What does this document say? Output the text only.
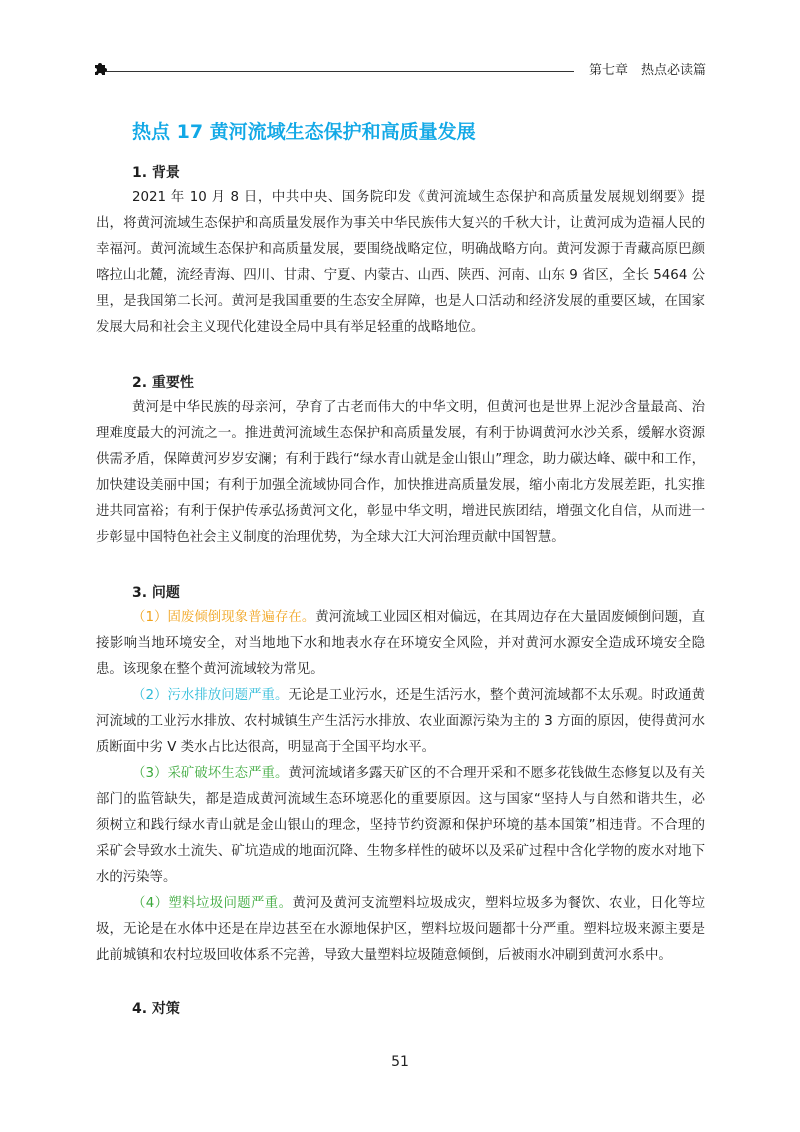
第七章　热点必读篇
热点 17 黄河流域生态保护和高质量发展
1. 背景

2021 年 10 月 8 日，中共中央、国务院印发《黄河流域生态保护和高质量发展规划纲要》提出，将黄河流域生态保护和高质量发展作为事关中华民族伟大复兴的千秋大计，让黄河成为造福人民的幸福河。黄河流域生态保护和高质量发展，要围绕战略定位，明确战略方向。黄河发源于青藏高原巴颜喀拉山北麓，流经青海、四川、甘肃、宁夏、内蒙古、山西、陕西、河南、山东 9 省区，全长 5464 公里，是我国第二长河。黄河是我国重要的生态安全屏障，也是人口活动和经济发展的重要区域，在国家发展大局和社会主义现代化建设全局中具有举足轻重的战略地位。

2. 重要性

黄河是中华民族的母亲河，孕育了古老而伟大的中华文明，但黄河也是世界上泥沙含量最高、治理难度最大的河流之一。推进黄河流域生态保护和高质量发展，有利于协调黄河水沙关系，缓解水资源供需矛盾，保障黄河岁岁安澜；有利于践行“绿水青山就是金山银山”理念，助力碳达峰、碳中和工作，加快建设美丽中国；有利于加强全流域协同合作，加快推进高质量发展，缩小南北方发展差距，扎实推进共同富裕；有利于保护传承弘扬黄河文化，彰显中华文明，增进民族团结，增强文化自信，从而进一步彰显中国特色社会主义制度的治理优势，为全球大江大河治理贡献中国智慧。

3. 问题

（1）固废倾倒现象普遍存在。黄河流域工业园区相对偏远，在其周边存在大量固废倾倒问题，直接影响当地环境安全，对当地地下水和地表水存在环境安全风险，并对黄河水源安全造成环境安全隐患。该现象在整个黄河流域较为常见。

（2）污水排放问题严重。无论是工业污水，还是生活污水，整个黄河流域都不太乐观。时政通黄河流域的工业污水排放、农村城镇生产生活污水排放、农业面源污染为主的 3 方面的原因，使得黄河水质断面中劣 V 类水占比达很高，明显高于全国平均水平。

（3）采矿破坏生态严重。黄河流域诸多露天矿区的不合理开采和不愿多花钱做生态修复以及有关部门的监管缺失，都是造成黄河流域生态环境恶化的重要原因。这与国家“坚持人与自然和谐共生，必须树立和践行绿水青山就是金山银山的理念，坚持节约资源和保护环境的基本国策”相违背。不合理的采矿会导致水土流失、矿坑造成的地面沉降、生物多样性的破坏以及采矿过程中含化学物的废水对地下水的污染等。

（4）塑料垃圾问题严重。黄河及黄河支流塑料垃圾成灾，塑料垃圾多为餐饮、农业，日化等垃圾，无论是在水体中还是在岸边甚至在水源地保护区，塑料垃圾问题都十分严重。塑料垃圾来源主要是此前城镇和农村垃圾回收体系不完善，导致大量塑料垃圾随意倾倒，后被雨水冲刷到黄河水系中。

4. 对策
51
